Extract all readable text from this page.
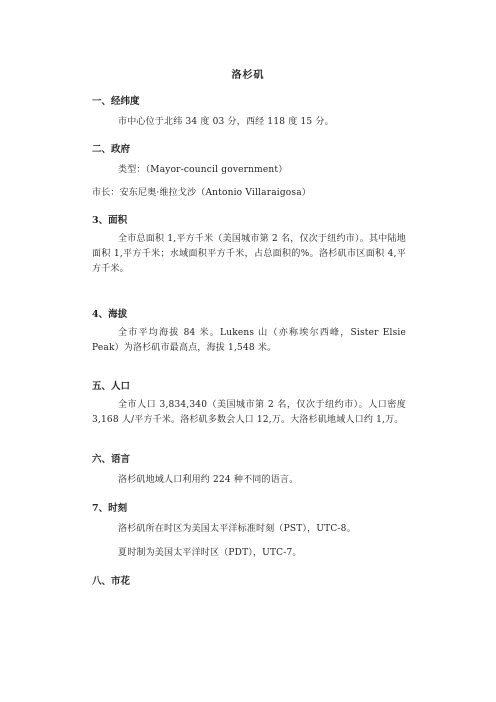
洛杉矶
一、经纬度
市中心位于北纬 34 度 03 分，西经 118 度 15 分。
二、政府
类型：（Mayor-council government）
市长：安东尼奥·维拉戈沙（Antonio Villaraigosa）
3、面积
全市总面积 1,平方千米（美国城市第 2 名，仅次于纽约市）。其中陆地面积 1,平方千米；水域面积平方千米，占总面积的%。洛杉矶市区面积 4,平方千米。
4、海拔
全市平均海拔 84 米。Lukens 山（亦称埃尔西峰，Sister Elsie Peak）为洛杉矶市最高点，海拔 1,548 米。
五、人口
全市人口 3,834,340（美国城市第 2 名，仅次于纽约市）。人口密度 3,168 人/平方千米。洛杉矶多数会人口 12,万。大洛杉矶地域人口约 1,万。
六、语言
洛杉矶地域人口利用约 224 种不同的语言。
7、时刻
洛杉矶所在时区为美国太平洋标准时刻（PST），UTC-8。
夏时制为美国太平洋时区（PDT），UTC-7。
八、市花
